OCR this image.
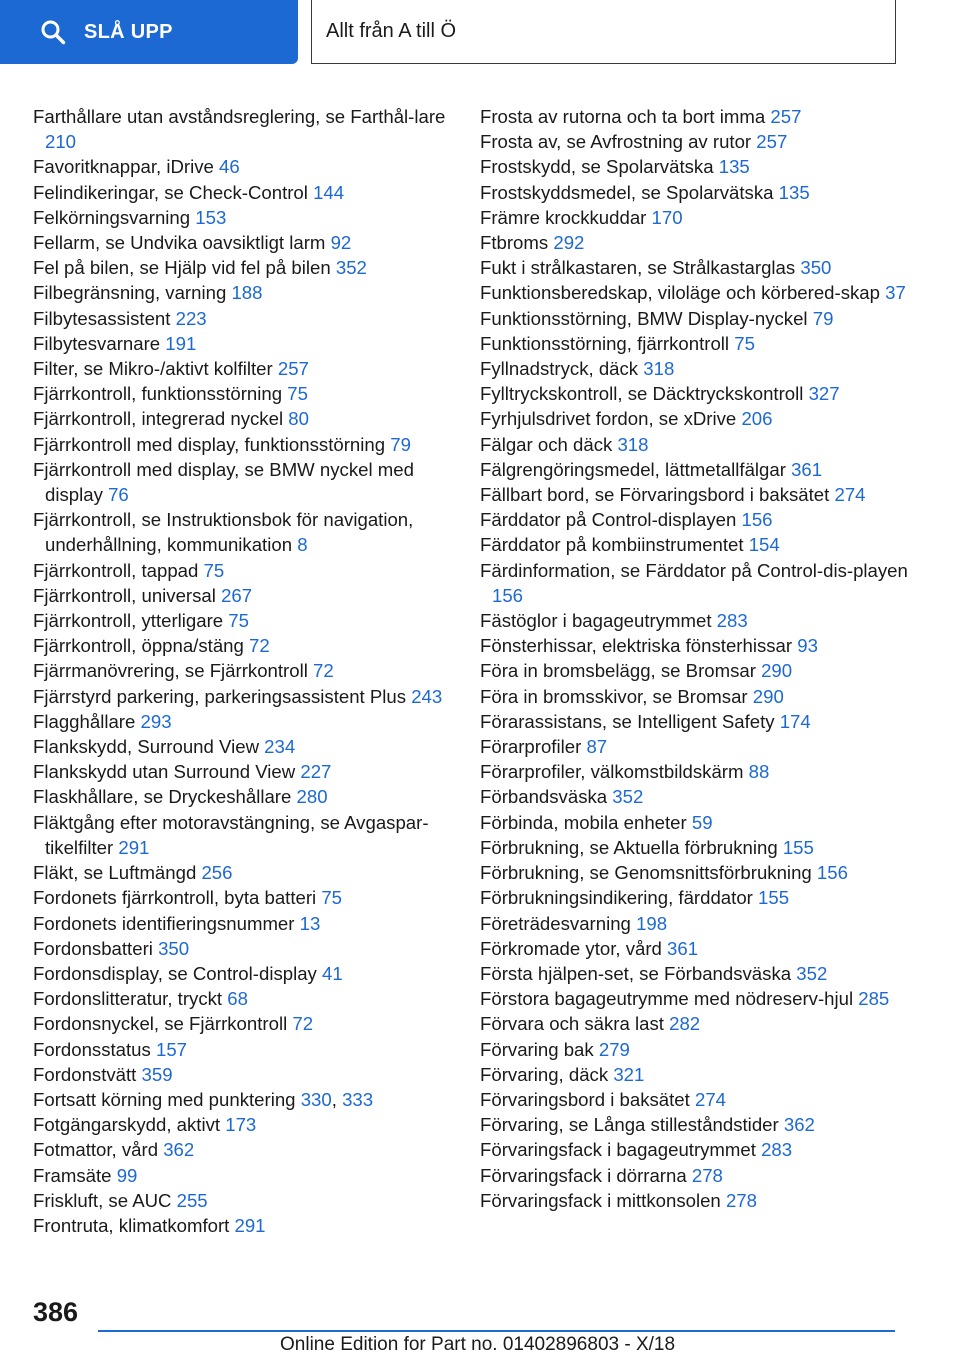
SLÅ UPP	Allt från A till Ö
Farthållare utan avståndsreglering, se Farthål‐lare 210
Favoritknappar, iDrive 46
Felindikeringar, se Check-Control 144
Felkörningsvarning 153
Fellarm, se Undvika oavsiktligt larm 92
Fel på bilen, se Hjälp vid fel på bilen 352
Filbegränsning, varning 188
Filbytesassistent 223
Filbytesvarnare 191
Filter, se Mikro-/aktivt kolfilter 257
Fjärrkontroll, funktionsstörning 75
Fjärrkontroll, integrerad nyckel 80
Fjärrkontroll med display, funktionsstörning 79
Fjärrkontroll med display, se BMW nyckel med display 76
Fjärrkontroll, se Instruktionsbok för navigation, underhållning, kommunikation 8
Fjärrkontroll, tappad 75
Fjärrkontroll, universal 267
Fjärrkontroll, ytterligare 75
Fjärrkontroll, öppna/stäng 72
Fjärrmanövrering, se Fjärrkontroll 72
Fjärrstyrd parkering, parkeringsassistent Plus 243
Flagghållare 293
Flankskydd, Surround View 234
Flankskydd utan Surround View 227
Flaskhållare, se Dryckeshållare 280
Fläktgång efter motoravstängning, se Avgaspar‐tikelfilter 291
Fläkt, se Luftmängd 256
Fordonets fjärrkontroll, byta batteri 75
Fordonets identifieringsnummer 13
Fordonsbatteri 350
Fordonsdisplay, se Control-display 41
Fordonslitteratur, tryckt 68
Fordonsnyckel, se Fjärrkontroll 72
Fordonsstatus 157
Fordonstvätt 359
Fortsatt körning med punktering 330, 333
Fotgängarskydd, aktivt 173
Fotmattor, vård 362
Framsäte 99
Friskluft, se AUC 255
Frontruta, klimatkomfort 291
Frosta av rutorna och ta bort imma 257
Frosta av, se Avfrostning av rutor 257
Frostskydd, se Spolarvätska 135
Frostskyddsmedel, se Spolarvätska 135
Främre krockkuddar 170
Ftbroms 292
Fukt i strålkastaren, se Strålkastarglas 350
Funktionsberedskap, viloläge och körbered‐skap 37
Funktionsstörning, BMW Display-nyckel 79
Funktionsstörning, fjärrkontroll 75
Fyllnadstryck, däck 318
Fylltryckskontroll, se Däcktryckskontroll 327
Fyrhjulsdrivet fordon, se xDrive 206
Fälgar och däck 318
Fälgrengöringsmedel, lättmetallfälgar 361
Fällbart bord, se Förvaringsbord i baksätet 274
Färddator på Control-displayen 156
Färddator på kombiinstrumentet 154
Färdinformation, se Färddator på Control-dis‐playen 156
Fästöglor i bagageutrymmet 283
Fönsterhissar, elektriska fönsterhissar 93
Föra in bromsbelägg, se Bromsar 290
Föra in bromsskivor, se Bromsar 290
Förarassistans, se Intelligent Safety 174
Förarprofiler 87
Förarprofiler, välkomstbildskärm 88
Förbandsväska 352
Förbinda, mobila enheter 59
Förbrukning, se Aktuella förbrukning 155
Förbrukning, se Genomsnittsförbrukning 156
Förbrukningsindikering, färddator 155
Företrädesvarning 198
Förkromade ytor, vård 361
Första hjälpen-set, se Förbandsväska 352
Förstora bagageutrymme med nödreserv‐hjul 285
Förvara och säkra last 282
Förvaring bak 279
Förvaring, däck 321
Förvaringsbord i baksätet 274
Förvaring, se Långa stilleståndstider 362
Förvaringsfack i bagageutrymmet 283
Förvaringsfack i dörrarna 278
Förvaringsfack i mittkonsolen 278
386
Online Edition for Part no. 01402896803 - X/18
